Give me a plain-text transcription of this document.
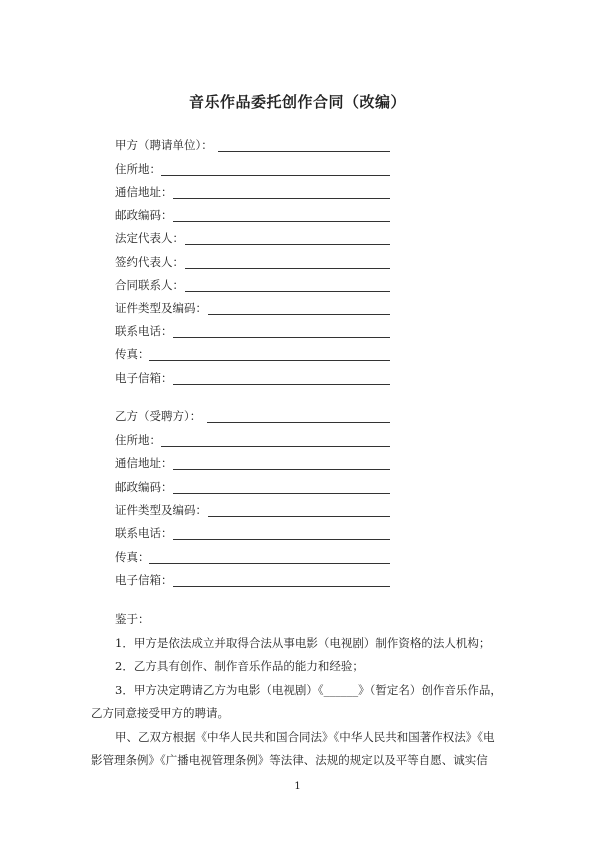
音乐作品委托创作合同（改编）
甲方（聘请单位）：
住所地：
通信地址：
邮政编码：
法定代表人：
签约代表人：
合同联系人：
证件类型及编码：
联系电话：
传真：
电子信箱：
乙方（受聘方）：
住所地：
通信地址：
邮政编码：
证件类型及编码：
联系电话：
传真：
电子信箱：
鉴于：
1．甲方是依法成立并取得合法从事电影（电视剧）制作资格的法人机构；
2．乙方具有创作、制作音乐作品的能力和经验；
3．甲方决定聘请乙方为电影（电视剧）《______》（暂定名）创作音乐作品，
乙方同意接受甲方的聘请。
甲、乙双方根据《中华人民共和国合同法》《中华人民共和国著作权法》《电
影管理条例》《广播电视管理条例》等法律、法规的规定以及平等自愿、诚实信
1
